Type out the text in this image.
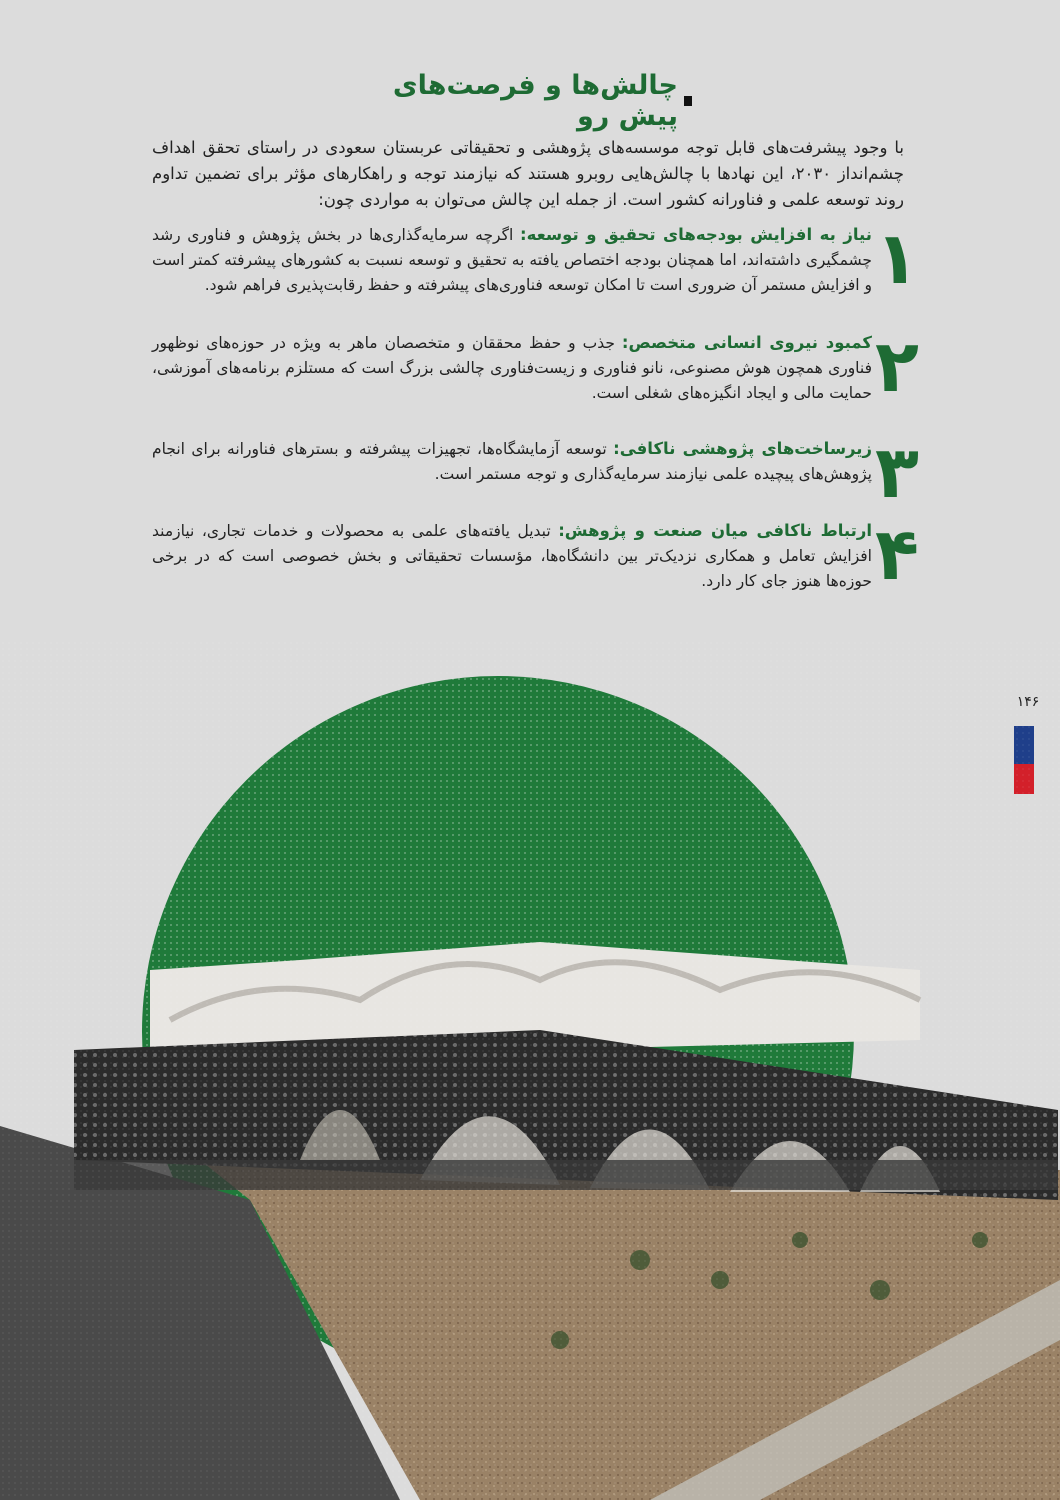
چالش‌ها و فرصت‌های پیش رو

با وجود پیشرفت‌های قابل توجه موسسه‌های پژوهشی و تحقیقاتی عربستان سعودی در راستای تحقق اهداف چشم‌انداز ۲۰۳۰، این نهادها با چالش‌هایی روبرو هستند که نیازمند توجه و راهکارهای مؤثر برای تضمین تداوم روند توسعه علمی و فناورانه کشور است. از جمله این چالش می‌توان به مواردی چون:

۱
نیاز به افزایش بودجه‌های تحقیق و توسعه: اگرچه سرمایه‌گذاری‌ها در بخش پژوهش و فناوری رشد چشمگیری داشته‌اند، اما همچنان بودجه اختصاص یافته به تحقیق و توسعه نسبت به کشورهای پیشرفته کمتر است و افزایش مستمر آن ضروری است تا امکان توسعه فناوری‌های پیشرفته و حفظ رقابت‌پذیری فراهم شود.
۲
کمبود نیروی انسانی متخصص: جذب و حفظ محققان و متخصصان ماهر به ویژه در حوزه‌های نوظهور فناوری همچون هوش مصنوعی، نانو فناوری و زیست‌فناوری چالشی بزرگ است که مستلزم برنامه‌های آموزشی، حمایت مالی و ایجاد انگیزه‌های شغلی است.
۳
زیرساخت‌های پژوهشی ناکافی: توسعه آزمایشگاه‌ها، تجهیزات پیشرفته و بسترهای فناورانه برای انجام پژوهش‌های پیچیده علمی نیازمند سرمایه‌گذاری و توجه مستمر است.
۴
ارتباط ناکافی میان صنعت و پژوهش: تبدیل یافته‌های علمی به محصولات و خدمات تجاری، نیازمند افزایش تعامل و همکاری نزدیک‌تر بین دانشگاه‌ها، مؤسسات تحقیقاتی و بخش خصوصی است که در برخی حوزه‌ها هنوز جای کار دارد.
۱۴۶
